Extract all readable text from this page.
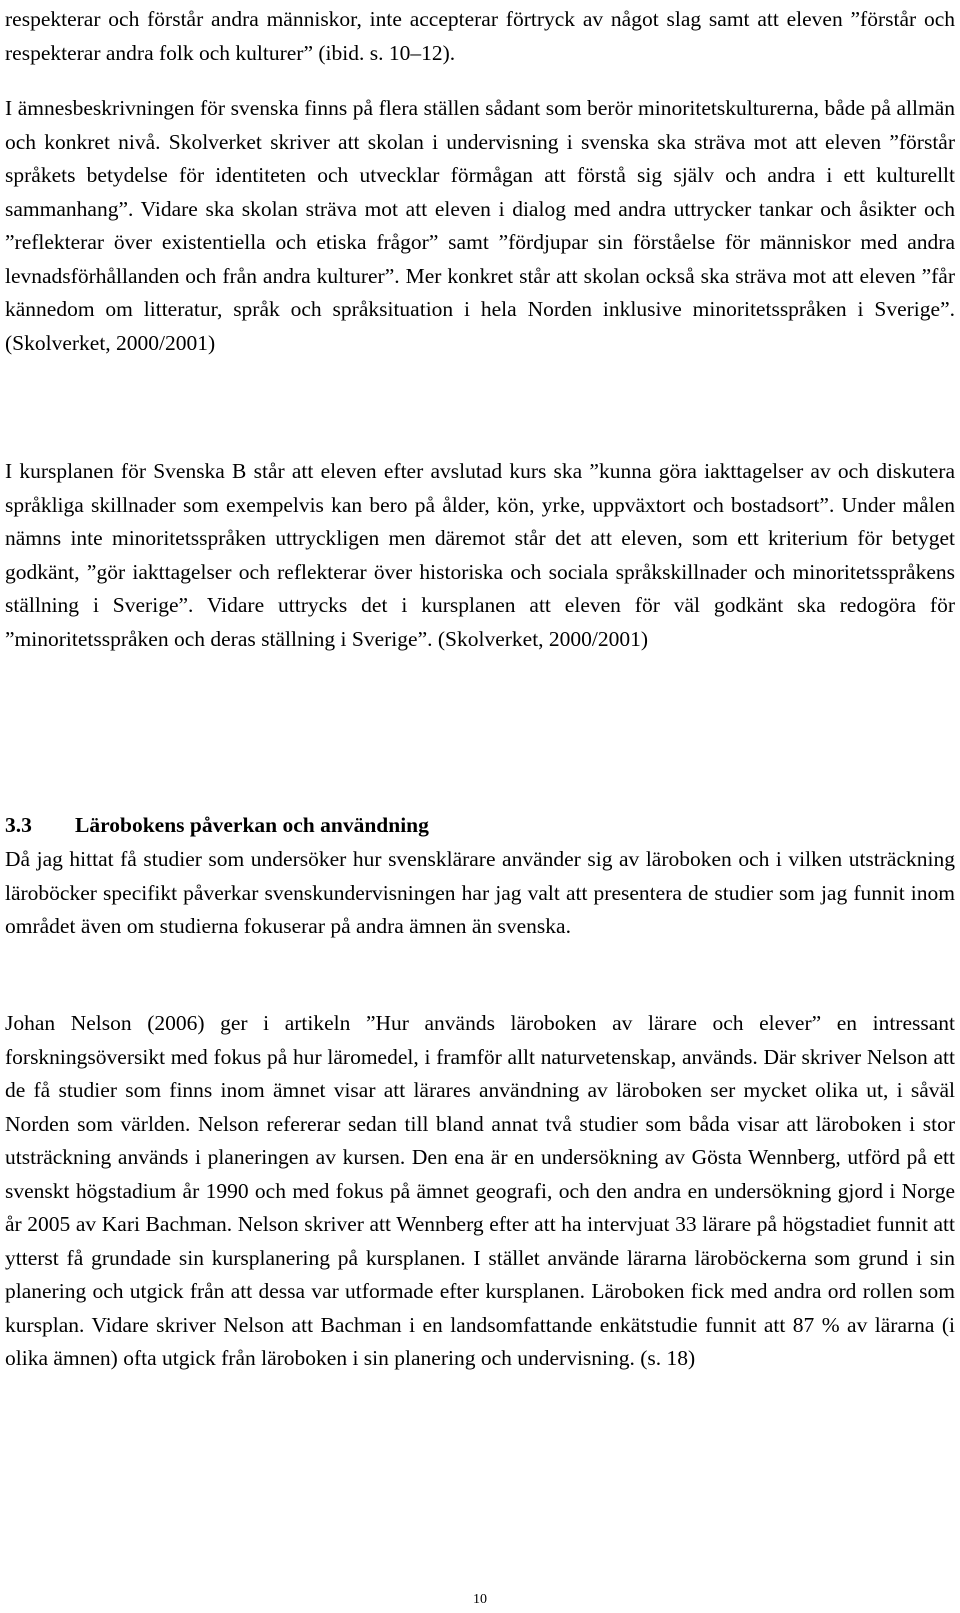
respekterar och förstår andra människor, inte accepterar förtryck av något slag samt att eleven ”förstår och respekterar andra folk och kulturer” (ibid. s. 10–12).

I ämnesbeskrivningen för svenska finns på flera ställen sådant som berör minoritetskulturerna, både på allmän och konkret nivå. Skolverket skriver att skolan i undervisning i svenska ska sträva mot att eleven ”förstår språkets betydelse för identiteten och utvecklar förmågan att förstå sig själv och andra i ett kulturellt sammanhang”. Vidare ska skolan sträva mot att eleven i dialog med andra uttrycker tankar och åsikter och ”reflekterar över existentiella och etiska frågor” samt ”fördjupar sin förståelse för människor med andra levnadsförhållanden och från andra kulturer”. Mer konkret står att skolan också ska sträva mot att eleven ”får kännedom om litteratur, språk och språksituation i hela Norden inklusive minoritetsspråken i Sverige”. (Skolverket, 2000/2001)

I kursplanen för Svenska B står att eleven efter avslutad kurs ska ”kunna göra iakttagelser av och diskutera språkliga skillnader som exempelvis kan bero på ålder, kön, yrke, uppväxtort och bostadsort”. Under målen nämns inte minoritetsspråken uttryckligen men däremot står det att eleven, som ett kriterium för betyget godkänt, ”gör iakttagelser och reflekterar över historiska och sociala språkskillnader och minoritetsspråkens ställning i Sverige”. Vidare uttrycks det i kursplanen att eleven för väl godkänt ska redogöra för ”minoritetsspråken och deras ställning i Sverige”. (Skolverket, 2000/2001)

3.3 Lärobokens påverkan och användning

Då jag hittat få studier som undersöker hur svensklärare använder sig av läroboken och i vilken utsträckning läroböcker specifikt påverkar svenskundervisningen har jag valt att presentera de studier som jag funnit inom området även om studierna fokuserar på andra ämnen än svenska.

Johan Nelson (2006) ger i artikeln ”Hur används läroboken av lärare och elever” en intressant forskningsöversikt med fokus på hur läromedel, i framför allt naturvetenskap, används. Där skriver Nelson att de få studier som finns inom ämnet visar att lärares användning av läroboken ser mycket olika ut, i såväl Norden som världen. Nelson refererar sedan till bland annat två studier som båda visar att läroboken i stor utsträckning används i planeringen av kursen. Den ena är en undersökning av Gösta Wennberg, utförd på ett svenskt högstadium år 1990 och med fokus på ämnet geografi, och den andra en undersökning gjord i Norge år 2005 av Kari Bachman. Nelson skriver att Wennberg efter att ha intervjuat 33 lärare på högstadiet funnit att ytterst få grundade sin kursplanering på kursplanen. I stället använde lärarna läroböckerna som grund i sin planering och utgick från att dessa var utformade efter kursplanen. Läroboken fick med andra ord rollen som kursplan. Vidare skriver Nelson att Bachman i en landsomfattande enkätstudie funnit att 87 % av lärarna (i olika ämnen) ofta utgick från läroboken i sin planering och undervisning. (s. 18)

10
